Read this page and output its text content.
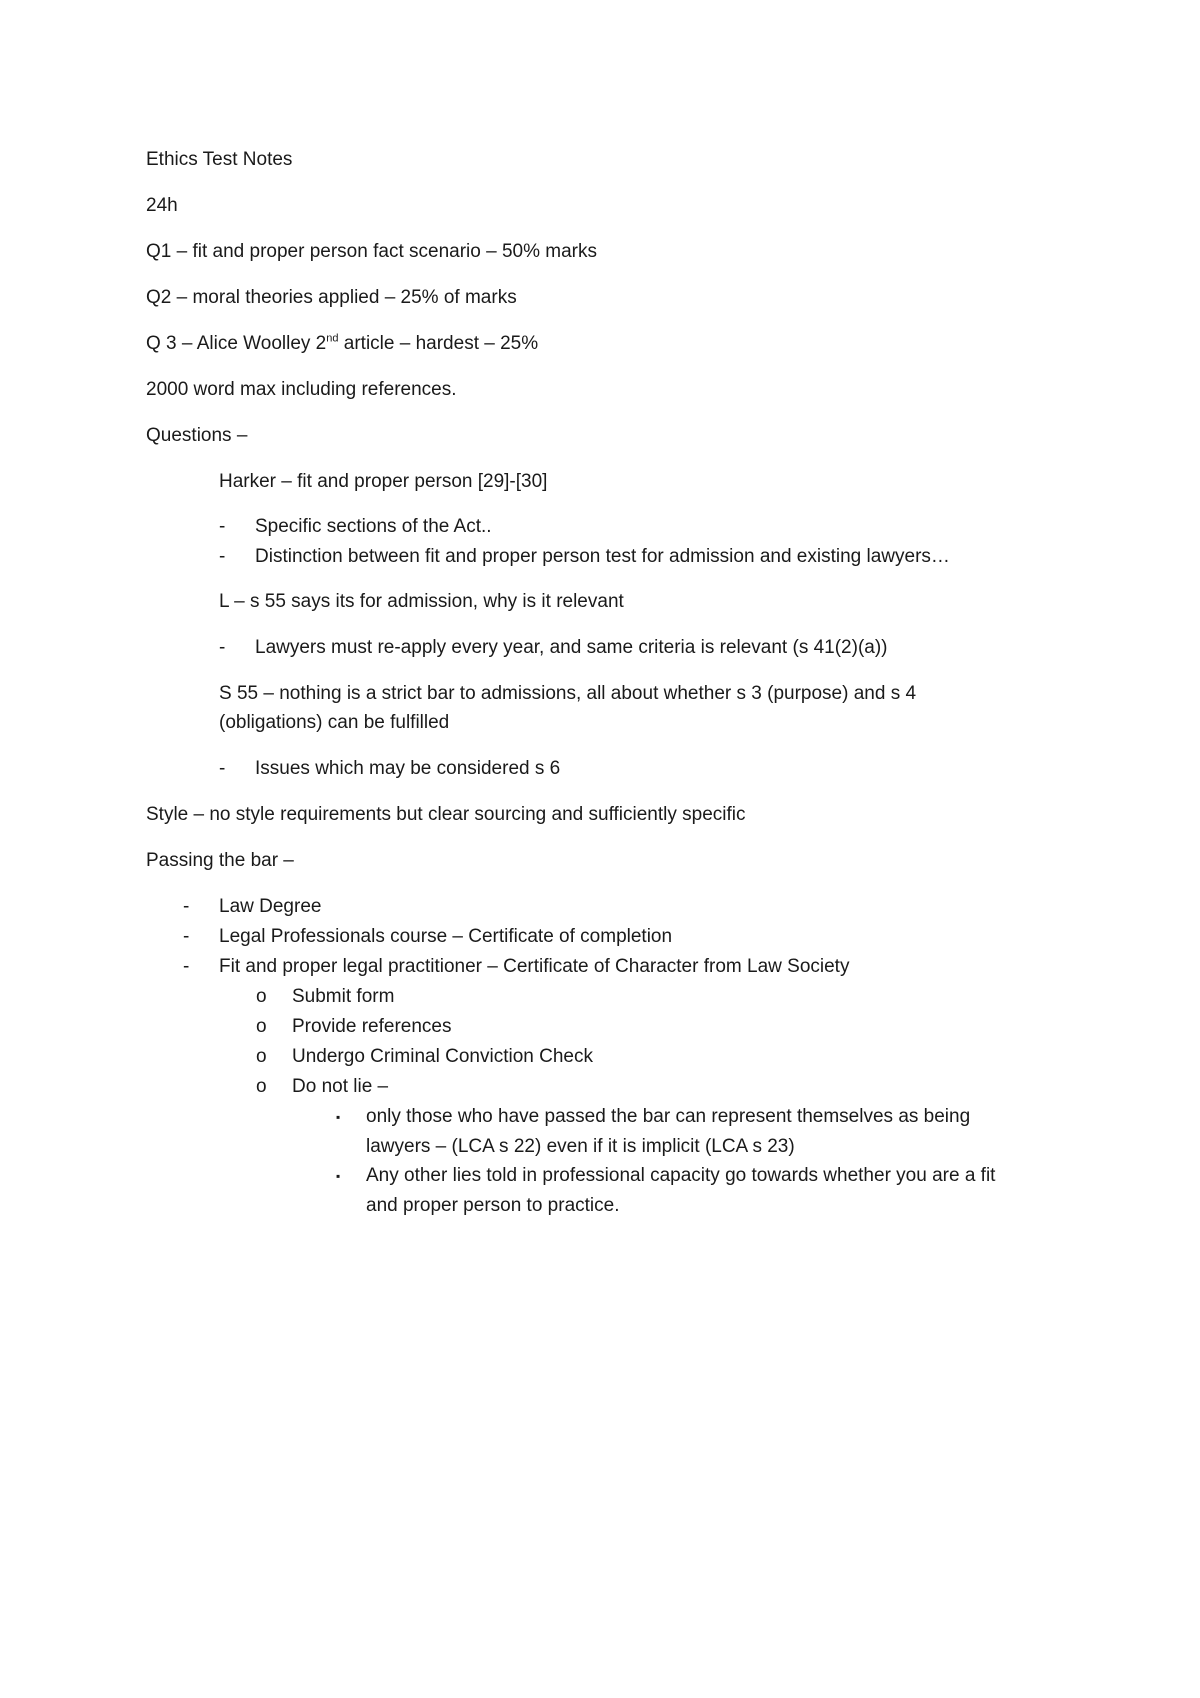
Ethics Test Notes
24h
Q1 – fit and proper person fact scenario – 50% marks
Q2 – moral theories applied – 25% of marks
Q 3 – Alice Woolley 2nd article – hardest – 25%
2000 word max including references.
Questions –
Harker – fit and proper person [29]-[30]
- Specific sections of the Act..
- Distinction between fit and proper person test for admission and existing lawyers…
L – s 55 says its for admission, why is it relevant
- Lawyers must re-apply every year, and same criteria is relevant (s 41(2)(a))
S 55 – nothing is a strict bar to admissions, all about whether s 3 (purpose) and s 4
(obligations) can be fulfilled
- Issues which may be considered s 6
Style – no style requirements but clear sourcing and sufficiently specific
Passing the bar –
- Law Degree
- Legal Professionals course – Certificate of completion
- Fit and proper legal practitioner – Certificate of Character from Law Society
o Submit form
o Provide references
o Undergo Criminal Conviction Check
o Do not lie –
▪ only those who have passed the bar can represent themselves as being
lawyers – (LCA s 22) even if it is implicit (LCA s 23)
▪ Any other lies told in professional capacity go towards whether you are a fit
and proper person to practice.
